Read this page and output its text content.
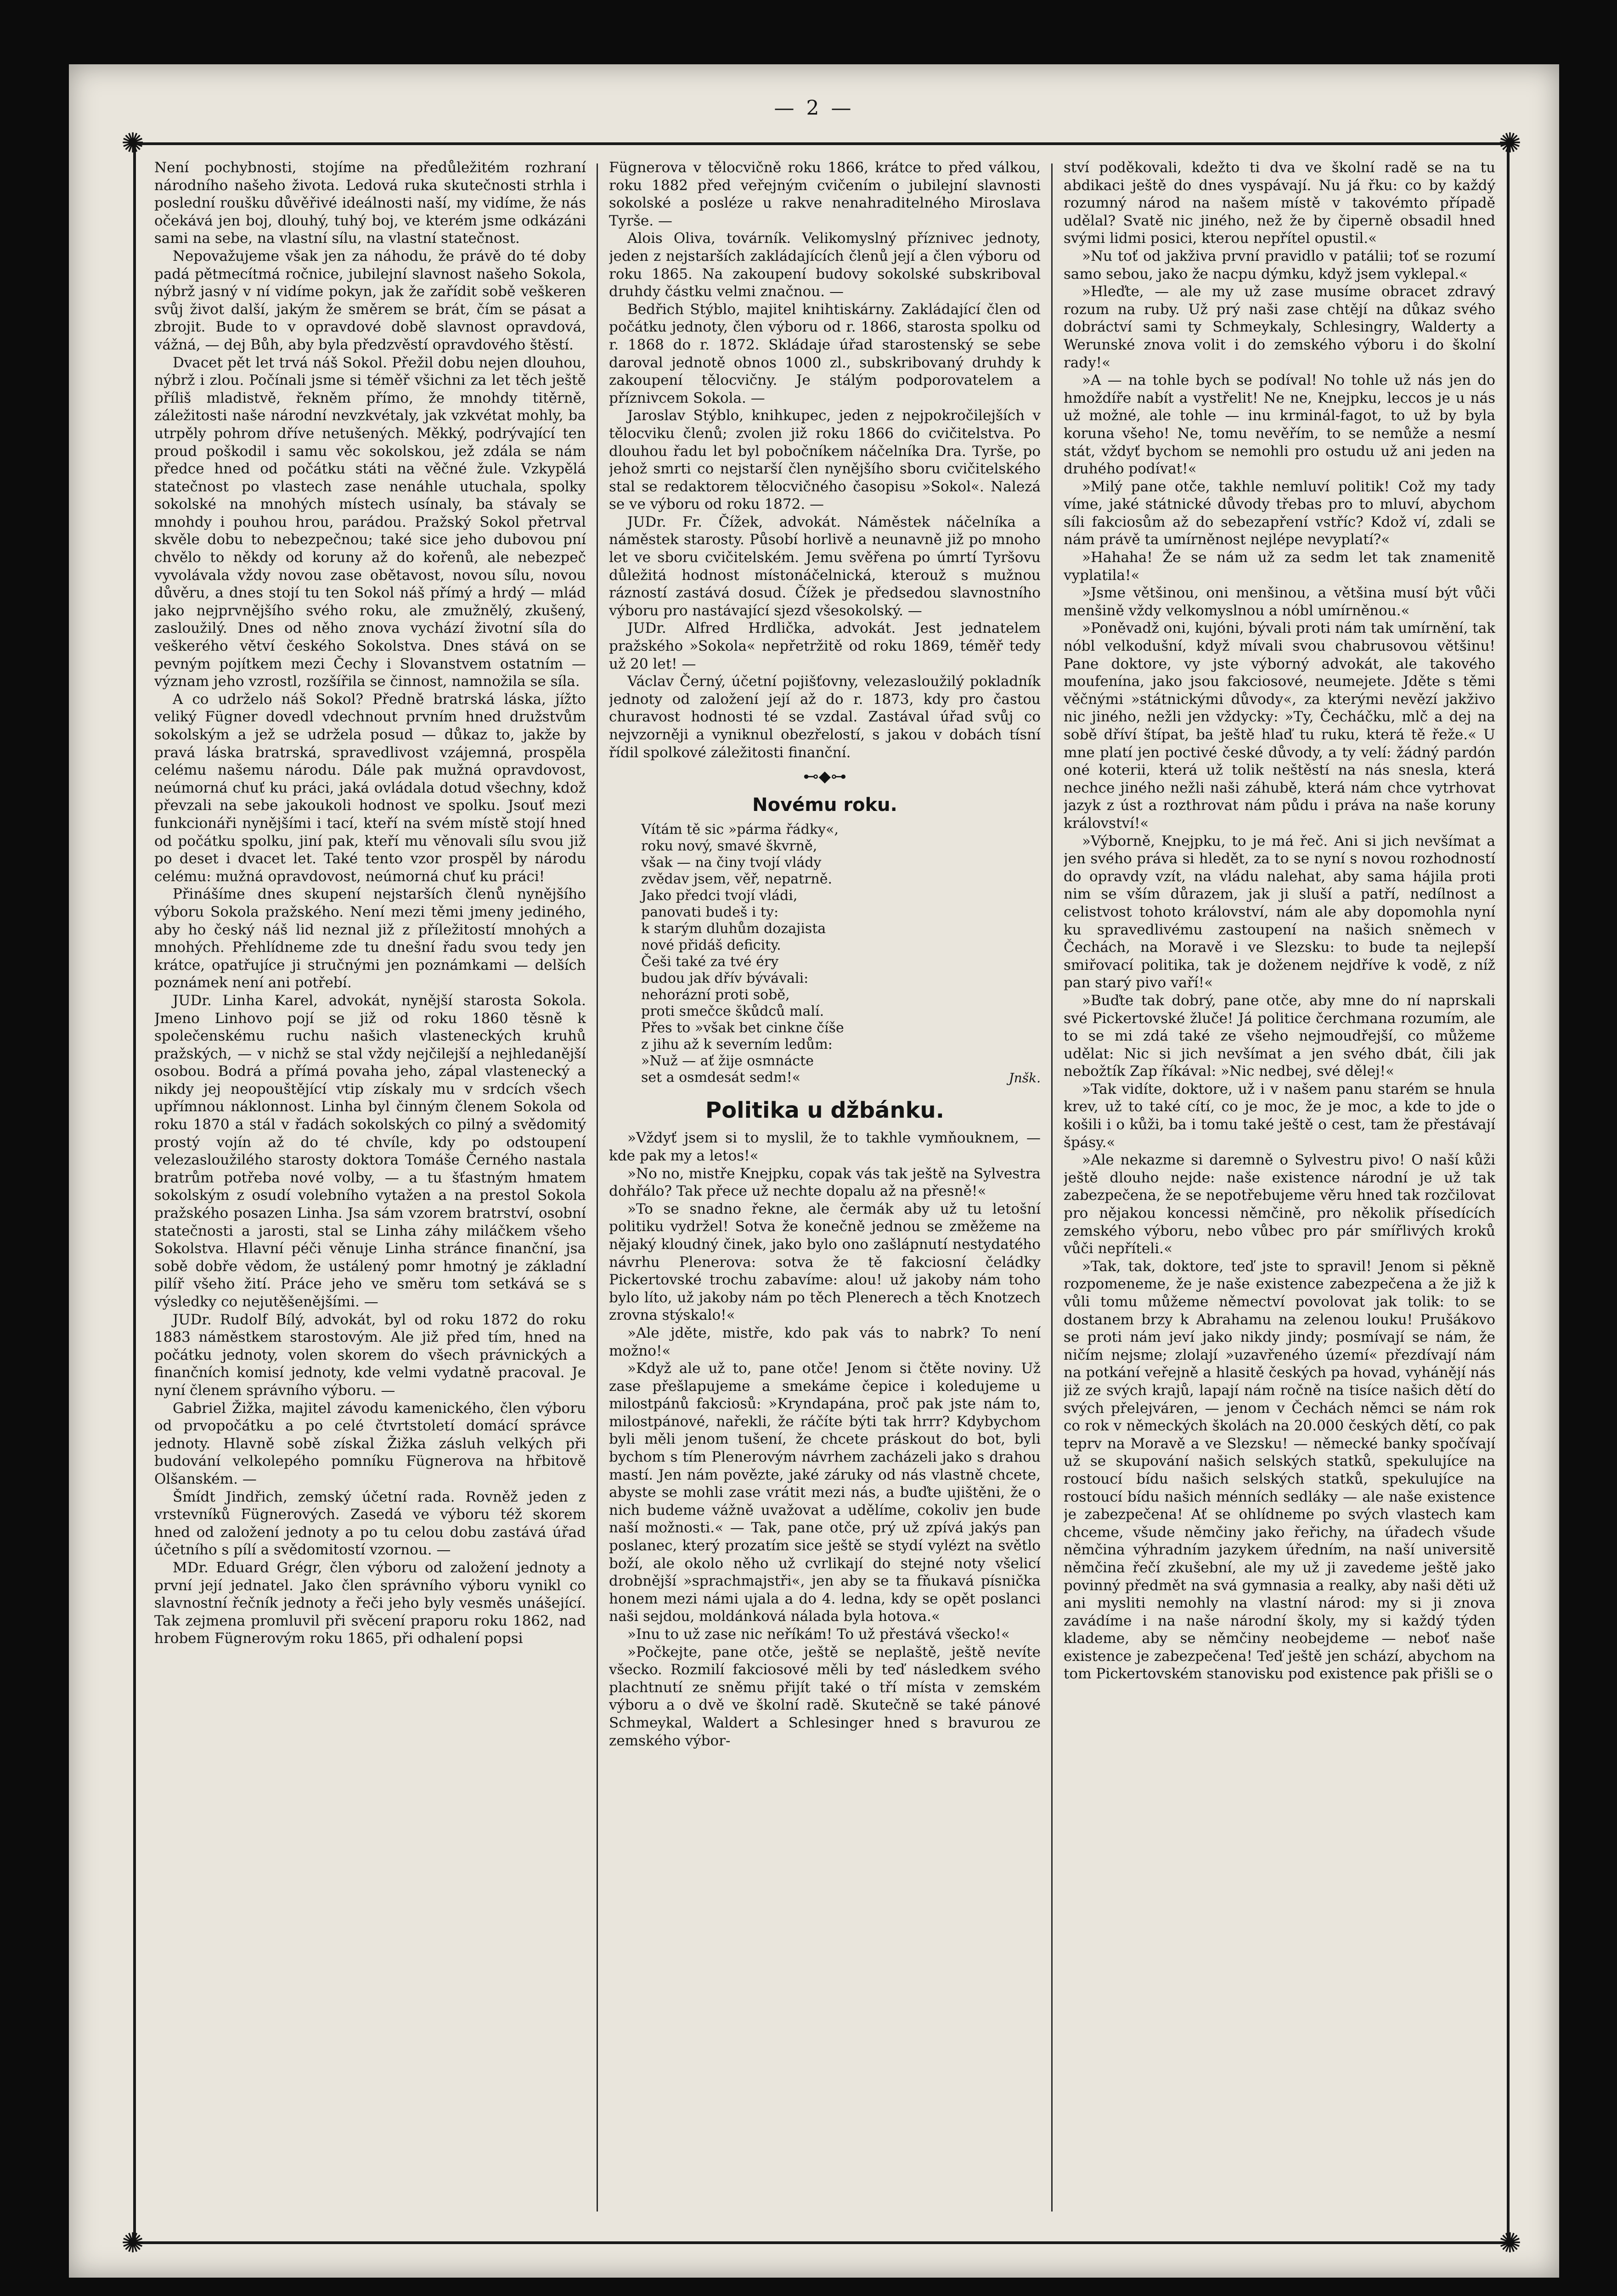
— 2 —
✺	✺
✺	✺

Není pochybnosti, stojíme na předůležitém rozhraní národního našeho života. Ledová ruka skutečnosti strhla i poslední roušku důvěřivé ideálnosti naší, my vidíme, že nás očekává jen boj, dlouhý, tuhý boj, ve kterém jsme odkázáni sami na sebe, na vlastní sílu, na vlastní statečnost.

Nepovažujeme však jen za náhodu, že právě do té doby padá pětmecítmá ročnice, jubilejní slavnost našeho Sokola, nýbrž jasný v ní vidíme pokyn, jak že zařídit sobě veškeren svůj život další, jakým že směrem se brát, čím se pásat a zbrojit. Bude to v opravdové době slavnost opravdová, vážná, — dej Bůh, aby byla předzvěstí opravdového štěstí.

Dvacet pět let trvá náš Sokol. Přežil dobu nejen dlouhou, nýbrž i zlou. Počínali jsme si téměř všichni za let těch ještě příliš mladistvě, řekněm přímo, že mnohdy titěrně, záležitosti naše národní nevzkvétaly, jak vzkvétat mohly, ba utrpěly pohrom dříve netušených. Měkký, podrývající ten proud poškodil i samu věc sokolskou, jež zdála se nám předce hned od počátku státi na věčné žule. Vzkypělá statečnost po vlastech zase nenáhle utuchala, spolky sokolské na mnohých místech usínaly, ba stávaly se mnohdy i pouhou hrou, parádou. Pražský Sokol přetrval skvěle dobu to nebezpečnou; také sice jeho dubovou pní chvělo to někdy od koruny až do kořenů, ale nebezpeč vyvolávala vždy novou zase obětavost, novou sílu, novou důvěru, a dnes stojí tu ten Sokol náš přímý a hrdý — mlád jako nejprvnějšího svého roku, ale zmužnělý, zkušený, zasloužilý. Dnes od něho znova vychází životní síla do veškerého větví českého Sokolstva. Dnes stává on se pevným pojítkem mezi Čechy i Slovanstvem ostatním — význam jeho vzrostl, rozšířila se činnost, namnožila se síla.

A co udrželo náš Sokol? Předně bratrská láska, jížto veliký Fügner dovedl vdechnout prvním hned družstvům sokolským a jež se udržela posud — důkaz to, jakže by pravá láska bratrská, spravedlivost vzájemná, prospěla celému našemu národu. Dále pak mužná opravdovost, neúmorná chuť ku práci, jaká ovládala dotud všechny, kdož převzali na sebe jakoukoli hodnost ve spolku. Jsouť mezi funkcionáři nynějšími i tací, kteří na svém místě stojí hned od počátku spolku, jiní pak, kteří mu věnovali sílu svou již po deset i dvacet let. Také tento vzor prospěl by národu celému: mužná opravdovost, neúmorná chuť ku práci!

Přinášíme dnes skupení nejstarších členů nynějšího výboru Sokola pražského. Není mezi těmi jmeny jediného, aby ho český náš lid neznal již z příležitostí mnohých a mnohých. Přehlídneme zde tu dnešní řadu svou tedy jen krátce, opatřujíce ji stručnými jen poznámkami — delších poznámek není ani potřebí.

JUDr. Linha Karel, advokát, nynější starosta Sokola. Jmeno Linhovo pojí se již od roku 1860 těsně k společenskému ruchu našich vlasteneckých kruhů pražských, — v nichž se stal vždy nejčilejší a nejhledanější osobou. Bodrá a přímá povaha jeho, zápal vlastenecký a nikdy jej neopouštějící vtip získaly mu v srdcích všech upřímnou náklonnost. Linha byl činným členem Sokola od roku 1870 a stál v řadách sokolských co pilný a svědomitý prostý vojín až do té chvíle, kdy po odstoupení velezasloužilého starosty doktora Tomáše Černého nastala bratrům potřeba nové volby, — a tu šťastným hmatem sokolským z osudí volebního vytažen a na prestol Sokola pražského posazen Linha. Jsa sám vzorem bratrství, osobní statečnosti a jarosti, stal se Linha záhy miláčkem všeho Sokolstva. Hlavní péči věnuje Linha stránce finanční, jsa sobě dobře vědom, že ustálený pomr hmotný je základní pilíř všeho žití. Práce jeho ve směru tom setkává se s výsledky co nejutěšenějšími. —

JUDr. Rudolf Bílý, advokát, byl od roku 1872 do roku 1883 náměstkem starostovým. Ale již před tím, hned na počátku jednoty, volen skorem do všech právnických a finančních komisí jednoty, kde velmi vydatně pracoval. Je nyní členem správního výboru. —

Gabriel Žižka, majitel závodu kamenického, člen výboru od prvopočátku a po celé čtvrtstoletí domácí správce jednoty. Hlavně sobě získal Žižka zásluh velkých při budování velkolepého pomníku Fügnerova na hřbitově Olšanském. —

Šmídt Jindřich, zemský účetní rada. Rovněž jeden z vrstevníků Fügnerových. Zasedá ve výboru též skorem hned od založení jednoty a po tu celou dobu zastává úřad účetního s pílí a svědomitostí vzornou. —

MDr. Eduard Grégr, člen výboru od založení jednoty a první její jednatel. Jako člen správního výboru vynikl co slavnostní řečník jednoty a řeči jeho byly vesměs unášející. Tak zejmena promluvil při svěcení praporu roku 1862, nad hrobem Fügnerovým roku 1865, při odhalení popsi

Fügnerova v tělocvičně roku 1866, krátce to před válkou, roku 1882 před veřejným cvičením o jubilejní slavnosti sokolské a posléze u rakve nenahraditelného Miroslava Tyrše. —

Alois Oliva, továrník. Velikomyslný příznivec jednoty, jeden z nejstarších zakládajících členů její a člen výboru od roku 1865. Na zakoupení budovy sokolské subskriboval druhdy částku velmi značnou. —

Bedřich Stýblo, majitel knihtiskárny. Zakládající člen od počátku jednoty, člen výboru od r. 1866, starosta spolku od r. 1868 do r. 1872. Skládaje úřad starostenský se sebe daroval jednotě obnos 1000 zl., subskribovaný druhdy k zakoupení tělocvičny. Je stálým podporovatelem a příznivcem Sokola. —

Jaroslav Stýblo, knihkupec, jeden z nejpokročilejších v tělocviku členů; zvolen již roku 1866 do cvičitelstva. Po dlouhou řadu let byl pobočníkem náčelníka Dra. Tyrše, po jehož smrti co nejstarší člen nynějšího sboru cvičitelského stal se redaktorem tělocvičného časopisu »Sokol«. Nalezá se ve výboru od roku 1872. —

JUDr. Fr. Čížek, advokát. Náměstek náčelníka a náměstek starosty. Působí horlivě a neunavně již po mnoho let ve sboru cvičitelském. Jemu svěřena po úmrtí Tyršovu důležitá hodnost místonáčelnická, kterouž s mužnou rázností zastává dosud. Čížek je předsedou slavnostního výboru pro nastávající sjezd všesokolský. —

JUDr. Alfred Hrdlička, advokát. Jest jednatelem pražského »Sokola« nepřetržitě od roku 1869, téměř tedy už 20 let! —

Václav Černý, účetní pojišťovny, velezasloužilý pokladník jednoty od založení její až do r. 1873, kdy pro častou churavost hodnosti té se vzdal. Zastával úřad svůj co nejvzorněji a vyniknul obezřelostí, s jakou v dobách tísní řídil spolkové záležitosti finanční.

⊷◆⊶
Novému roku.
Vítám tě sic »párma řádky«,
roku nový, smavé škvrně,
však — na činy tvojí vlády
zvědav jsem, věř, nepatrně.
Jako předci tvojí vládi,
panovati budeš i ty:
k starým dluhům dozajista
nové přidáš deficity.
Češi také za tvé éry
budou jak dřív bývávali:
nehorázní proti sobě,
proti smečce škůdců malí.
Přes to »však bet cinkne číše
z jihu až k severním ledům:
»Nuž — ať žije osmnácte
set a osmdesát sedm!«	Jnšk.
Politika u džbánku.

»Vždyť jsem si to myslil, že to takhle vymňouknem, — kde pak my a letos!«

»No no, mistře Knejpku, copak vás tak ještě na Sylvestra dohřálo? Tak přece už nechte dopalu až na přesně!«

»To se snadno řekne, ale čermák aby už tu letošní politiku vydržel! Sotva že konečně jednou se změžeme na nějaký kloudný činek, jako bylo ono zašlápnutí nestydatého návrhu Plenerova: sotva že tě fakciosní čeládky Pickertovské trochu zabavíme: alou! už jakoby nám toho bylo líto, už jakoby nám po těch Plenerech a těch Knotzech zrovna stýskalo!«

»Ale jděte, mistře, kdo pak vás to nabrk? To není možno!«

»Když ale už to, pane otče! Jenom si čtěte noviny. Už zase přešlapujeme a smekáme čepice i koledujeme u milostpánů fakciosů: »Kryndapána, proč pak jste nám to, milostpánové, nařekli, že ráčíte býti tak hrrr? Kdybychom byli měli jenom tušení, že chcete práskout do bot, byli bychom s tím Plenerovým návrhem zacházeli jako s drahou mastí. Jen nám povězte, jaké záruky od nás vlastně chcete, abyste se mohli zase vrátit mezi nás, a buďte ujištěni, že o nich budeme vážně uvažovat a udělíme, cokoliv jen bude naší možnosti.« — Tak, pane otče, prý už zpívá jakýs pan poslanec, který prozatím sice ještě se stydí vylézt na světlo boží, ale okolo něho už cvrlikají do stejné noty všelicí drobnější »sprachmajstři«, jen aby se ta fňukavá písnička honem mezi námi ujala a do 4. ledna, kdy se opět poslanci naši sejdou, moldánková nálada byla hotova.«

»Inu to už zase nic neříkám! To už přestává všecko!«

»Počkejte, pane otče, ještě se neplaště, ještě nevíte všecko. Rozmilí fakciosové měli by teď následkem svého plachtnutí ze sněmu přijít také o tří místa v zemském výboru a o dvě ve školní radě. Skutečně se také pánové Schmeykal, Waldert a Schlesinger hned s bravurou ze zemského výbor-

ství poděkovali, kdežto ti dva ve školní radě se na tu abdikaci ještě do dnes vyspávají. Nu já řku: co by každý rozumný národ na našem místě v takovémto případě udělal? Svatě nic jiného, než že by čiperně obsadil hned svými lidmi posici, kterou nepřítel opustil.«

»Nu toť od jakživa první pravidlo v patálii; toť se rozumí samo sebou, jako že nacpu dýmku, když jsem vyklepal.«

»Hleďte, — ale my už zase musíme obracet zdravý rozum na ruby. Už prý naši zase chtějí na důkaz svého dobráctví sami ty Schmeykaly, Schlesingry, Walderty a Werunské znova volit i do zemského výboru i do školní rady!«

»A — na tohle bych se podíval! No tohle už nás jen do hmoždíře nabít a vystřelit! Ne ne, Knejpku, leccos je u nás už možné, ale tohle — inu krminál-fagot, to už by byla koruna všeho! Ne, tomu nevěřím, to se nemůže a nesmí stát, vždyť bychom se nemohli pro ostudu už ani jeden na druhého podívat!«

»Milý pane otče, takhle nemluví politik! Což my tady víme, jaké státnické důvody třebas pro to mluví, abychom síli fakciosům až do sebezapření vstříc? Kdož ví, zdali se nám právě ta umírněnost nejlépe nevyplatí?«

»Hahaha! Že se nám už za sedm let tak znamenitě vyplatila!«

»Jsme většinou, oni menšinou, a většina musí být vůči menšině vždy velkomyslnou a nóbl umírněnou.«

»Poněvadž oni, kujóni, bývali proti nám tak umírnění, tak nóbl velkodušní, když mívali svou chabrusovou většinu! Pane doktore, vy jste výborný advokát, ale takového moufenína, jako jsou fakciosové, neumejete. Jděte s těmi věčnými »státnickými důvody«, za kterými nevězí jakživo nic jiného, nežli jen vždycky: »Ty, Čecháčku, mlč a dej na sobě dříví štípat, ba ještě hlaď tu ruku, která tě řeže.« U mne platí jen poctivé české důvody, a ty velí: žádný pardón oné koterii, která už tolik neštěstí na nás snesla, která nechce jiného nežli naši záhubě, která nám chce vytrhovat jazyk z úst a rozthrovat nám půdu i práva na naše koruny království!«

»Výborně, Knejpku, to je má řeč. Ani si jich nevšímat a jen svého práva si hledět, za to se nyní s novou rozhodností do opravdy vzít, na vládu nalehat, aby sama hájila proti nim se vším důrazem, jak ji sluší a patří, nedílnost a celistvost tohoto království, nám ale aby dopomohla nyní ku spravedlivému zastoupení na našich sněmech v Čechách, na Moravě i ve Slezsku: to bude ta nejlepší smiřovací politika, tak je doženem nejdříve k vodě, z níž pan starý pivo vaří!«

»Buďte tak dobrý, pane otče, aby mne do ní naprskali své Pickertovské žluče! Já politice čerchmana rozumím, ale to se mi zdá také ze všeho nejmoudřejší, co můžeme udělat: Nic si jich nevšímat a jen svého dbát, čili jak nebožtík Zap říkával: »Nic nedbej, své dělej!«

»Tak vidíte, doktore, už i v našem panu starém se hnula krev, už to také cítí, co je moc, že je moc, a kde to jde o košili i o kůži, ba i tomu také ještě o cest, tam že přestávají špásy.«

»Ale nekazme si daremně o Sylvestru pivo! O naší kůži ještě dlouho nejde: naše existence národní je už tak zabezpečena, že se nepotřebujeme věru hned tak rozčilovat pro nějakou koncessi němčině, pro několik přísedících zemského výboru, nebo vůbec pro pár smířlivých kroků vůči nepříteli.«

»Tak, tak, doktore, teď jste to spravil! Jenom si pěkně rozpomeneme, že je naše existence zabezpečena a že již k vůli tomu můžeme němectví povolovat jak tolik: to se dostanem brzy k Abrahamu na zelenou louku! Prušákovo se proti nám jeví jako nikdy jindy; posmívají se nám, že ničím nejsme; zlolají »uzavřeného území« přezdívají nám na potkání veřejně a hlasitě českých pa hovad, vyhánějí nás již ze svých krajů, lapají nám ročně na tisíce našich dětí do svých přelejváren, — jenom v Čechách němci se nám rok co rok v německých školách na 20.000 českých dětí, co pak teprv na Moravě a ve Slezsku! — německé banky spočívají už se skupování našich selských statků, spekulujíce na rostoucí bídu našich selských statků, spekulujíce na rostoucí bídu našich ménních sedláky — ale naše existence je zabezpečena! Ať se ohlídneme po svých vlastech kam chceme, všude němčiny jako řeřichy, na úřadech všude němčina výhradním jazykem úředním, na naší universitě němčina řečí zkušební, ale my už ji zavedeme ještě jako povinný předmět na svá gymnasia a realky, aby naši děti už ani mysliti nemohly na vlastní národ: my si ji znova zavádíme i na naše národní školy, my si každý týden klademe, aby se němčiny neobejdeme — neboť naše existence je zabezpečena! Teď ještě jen schází, abychom na tom Pickertovském stanovisku pod existence pak přišli se o
